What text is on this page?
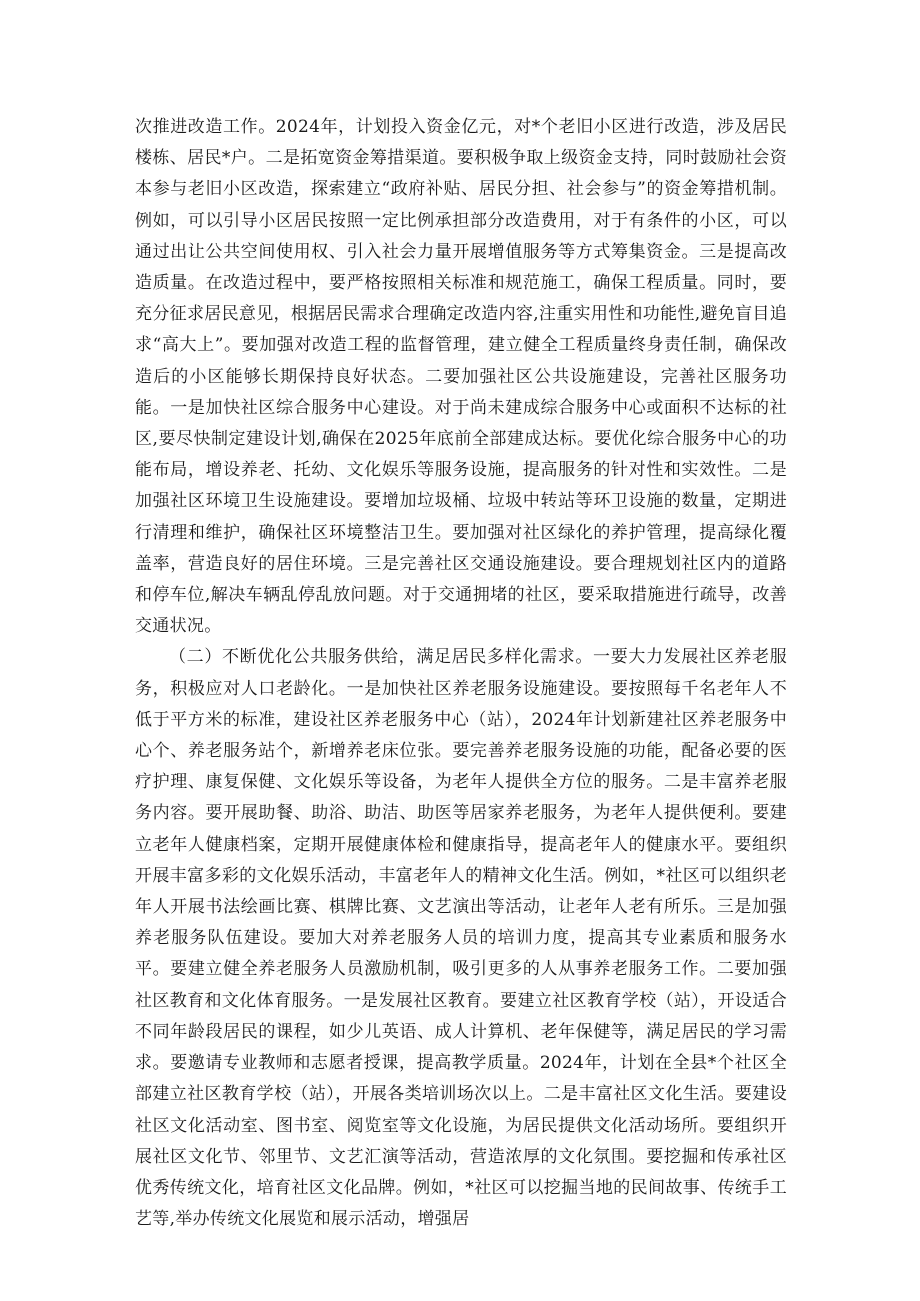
次推进改造工作。2024年，计划投入资金亿元，对*个老旧小区进行改造，涉及居民楼栋、居民*户。二是拓宽资金筹措渠道。要积极争取上级资金支持，同时鼓励社会资本参与老旧小区改造，探索建立“政府补贴、居民分担、社会参与”的资金筹措机制。例如，可以引导小区居民按照一定比例承担部分改造费用，对于有条件的小区，可以通过出让公共空间使用权、引入社会力量开展增值服务等方式筹集资金。三是提高改造质量。在改造过程中，要严格按照相关标准和规范施工，确保工程质量。同时，要充分征求居民意见，根据居民需求合理确定改造内容,注重实用性和功能性,避免盲目追求“高大上”。要加强对改造工程的监督管理，建立健全工程质量终身责任制，确保改造后的小区能够长期保持良好状态。二要加强社区公共设施建设，完善社区服务功能。一是加快社区综合服务中心建设。对于尚未建成综合服务中心或面积不达标的社区,要尽快制定建设计划,确保在2025年底前全部建成达标。要优化综合服务中心的功能布局，增设养老、托幼、文化娱乐等服务设施，提高服务的针对性和实效性。二是加强社区环境卫生设施建设。要增加垃圾桶、垃圾中转站等环卫设施的数量，定期进行清理和维护，确保社区环境整洁卫生。要加强对社区绿化的养护管理，提高绿化覆盖率，营造良好的居住环境。三是完善社区交通设施建设。要合理规划社区内的道路和停车位,解决车辆乱停乱放问题。对于交通拥堵的社区，要采取措施进行疏导，改善交通状况。

（二）不断优化公共服务供给，满足居民多样化需求。一要大力发展社区养老服务，积极应对人口老龄化。一是加快社区养老服务设施建设。要按照每千名老年人不低于平方米的标准，建设社区养老服务中心（站），2024年计划新建社区养老服务中心个、养老服务站个，新增养老床位张。要完善养老服务设施的功能，配备必要的医疗护理、康复保健、文化娱乐等设备，为老年人提供全方位的服务。二是丰富养老服务内容。要开展助餐、助浴、助洁、助医等居家养老服务，为老年人提供便利。要建立老年人健康档案，定期开展健康体检和健康指导，提高老年人的健康水平。要组织开展丰富多彩的文化娱乐活动，丰富老年人的精神文化生活。例如，*社区可以组织老年人开展书法绘画比赛、棋牌比赛、文艺演出等活动，让老年人老有所乐。三是加强养老服务队伍建设。要加大对养老服务人员的培训力度，提高其专业素质和服务水平。要建立健全养老服务人员激励机制，吸引更多的人从事养老服务工作。二要加强社区教育和文化体育服务。一是发展社区教育。要建立社区教育学校（站），开设适合不同年龄段居民的课程，如少儿英语、成人计算机、老年保健等，满足居民的学习需求。要邀请专业教师和志愿者授课，提高教学质量。2024年，计划在全县*个社区全部建立社区教育学校（站），开展各类培训场次以上。二是丰富社区文化生活。要建设社区文化活动室、图书室、阅览室等文化设施，为居民提供文化活动场所。要组织开展社区文化节、邻里节、文艺汇演等活动，营造浓厚的文化氛围。要挖掘和传承社区优秀传统文化，培育社区文化品牌。例如，*社区可以挖掘当地的民间故事、传统手工艺等,举办传统文化展览和展示活动，增强居
